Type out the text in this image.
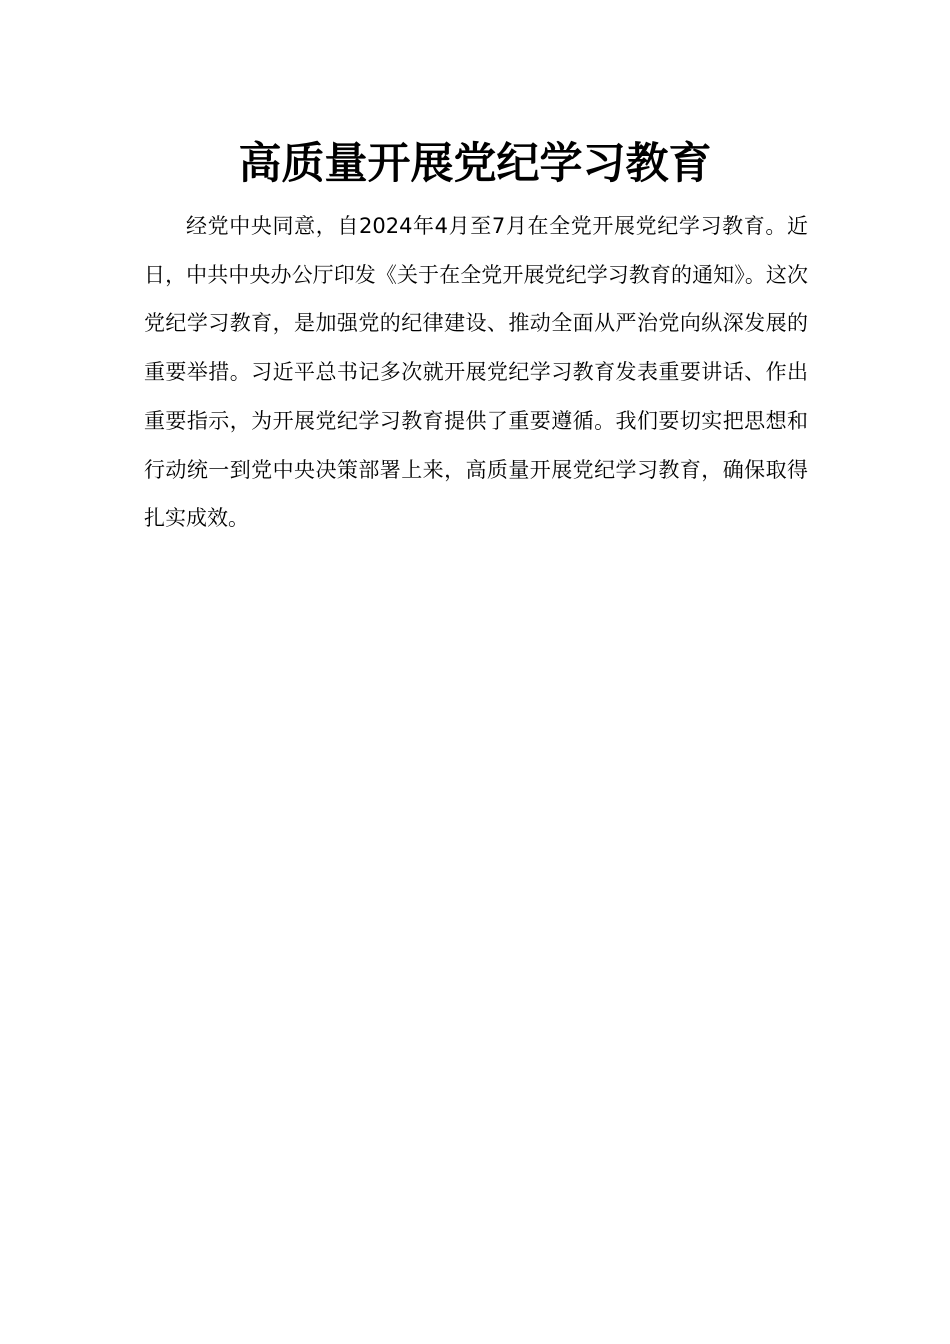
高质量开展党纪学习教育

经党中央同意，自2024年4月至7月在全党开展党纪学习教育。近日，中共中央办公厅印发《关于在全党开展党纪学习教育的通知》。这次党纪学习教育，是加强党的纪律建设、推动全面从严治党向纵深发展的重要举措。习近平总书记多次就开展党纪学习教育发表重要讲话、作出重要指示，为开展党纪学习教育提供了重要遵循。我们要切实把思想和行动统一到党中央决策部署上来，高质量开展党纪学习教育，确保取得扎实成效。
